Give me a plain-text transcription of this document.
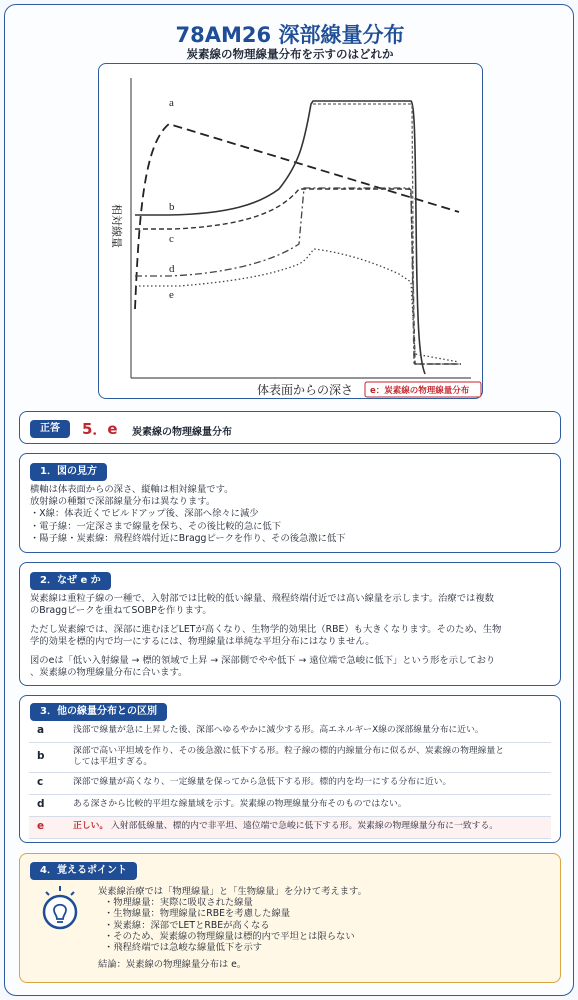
78AM26 深部線量分布
炭素線の物理線量分布を示すのはどれか
a
b
c
d
e
相対線量
体表面からの深さ e：炭素線の物理線量分布
正答	5．e 炭素線の物理線量分布
1．図の見方
横軸は体表面からの深さ、縦軸は相対線量です。
放射線の種類で深部線量分布は異なります。
・X線：体表近くでビルドアップ後、深部へ徐々に減少
・電子線：一定深さまで線量を保ち、その後比較的急に低下
・陽子線・炭素線：飛程終端付近にBraggピークを作り、その後急激に低下
2．なぜ e か
炭素線は重粒子線の一種で、入射部では比較的低い線量、飛程終端付近では高い線量を示します。治療では複数
のBraggピークを重ねてSOBPを作ります。
ただし炭素線では、深部に進むほどLETが高くなり、生物学的効果比（RBE）も大きくなります。そのため、生物
学的効果を標的内で均一にするには、物理線量は単純な平坦分布にはなりません。
図のeは「低い入射線量 → 標的領域で上昇 → 深部側でやや低下 → 遠位端で急峻に低下」という形を示しており
、炭素線の物理線量分布に合います。
3．他の線量分布との区別
a	浅部で線量が急に上昇した後、深部へゆるやかに減少する形。高エネルギーX線の深部線量分布に近い。
b	深部で高い平坦域を作り、その後急激に低下する形。粒子線の標的内線量分布に似るが、炭素線の物理線量と
しては平坦すぎる。

c	深部で線量が高くなり、一定線量を保ってから急低下する形。標的内を均一にする分布に近い。
d	ある深さから比較的平坦な線量域を示す。炭素線の物理線量分布そのものではない。
e	正しい。 入射部低線量、標的内で非平坦、遠位端で急峻に低下する形。炭素線の物理線量分布に一致する。
4．覚えるポイント
炭素線治療では「物理線量」と「生物線量」を分けて考えます。
・物理線量：実際に吸収された線量
・生物線量：物理線量にRBEを考慮した線量
・炭素線：深部でLETとRBEが高くなる
・そのため、炭素線の物理線量は標的内で平坦とは限らない
・飛程終端では急峻な線量低下を示す
結論：炭素線の物理線量分布は e。
